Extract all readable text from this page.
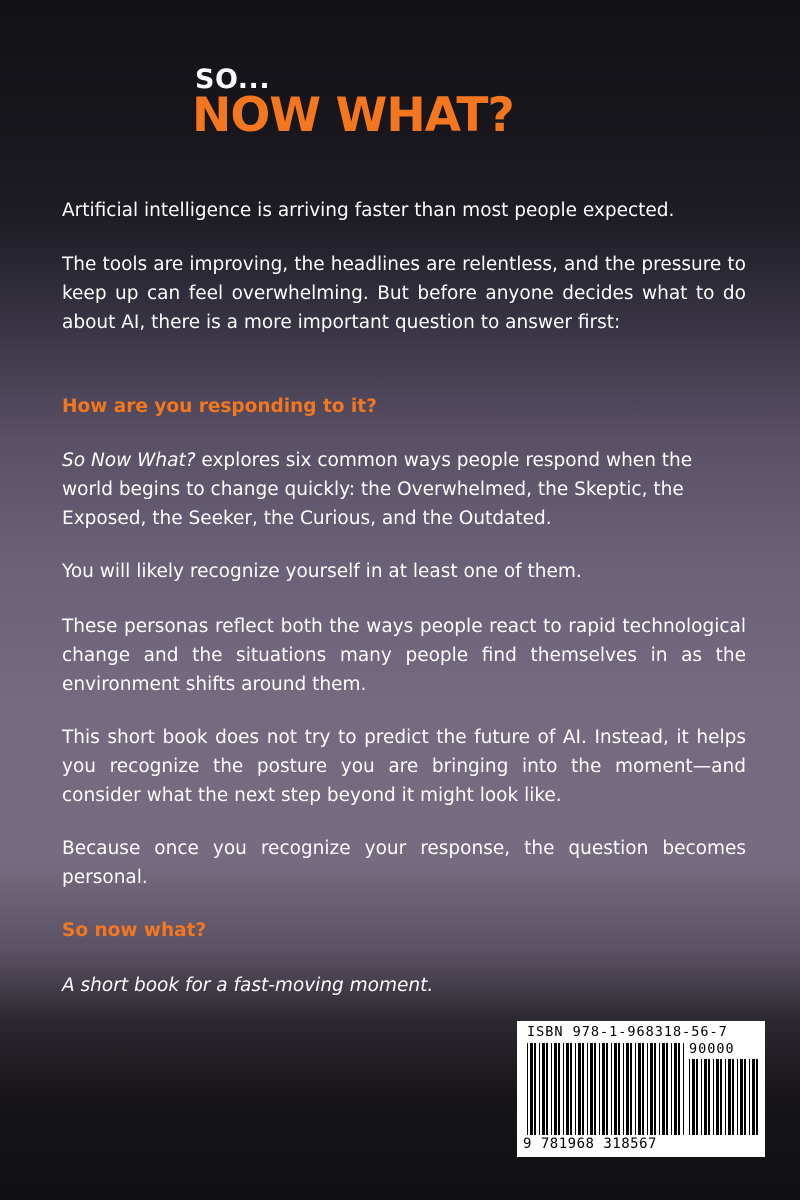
SO...
NOW WHAT?

Artificial intelligence is arriving faster than most people expected.

The tools are improving, the headlines are relentless, and the pressure to keep up can feel overwhelming. But before anyone decides what to do about AI, there is a more important question to answer first:

How are you responding to it?

So Now What? explores six common ways people respond when the world begins to change quickly: the Overwhelmed, the Skeptic, the Exposed, the Seeker, the Curious, and the Outdated.

You will likely recognize yourself in at least one of them.

These personas reflect both the ways people react to rapid technological change and the situations many people find themselves in as the environment shifts around them.

This short book does not try to predict the future of AI. Instead, it helps you recognize the posture you are bringing into the moment—and consider what the next step beyond it might look like.

Because once you recognize your response, the question becomes personal.

So now what?

A short book for a fast-moving moment.

ISBN 978-1-968318-56-7
90000
9 781968 318567
